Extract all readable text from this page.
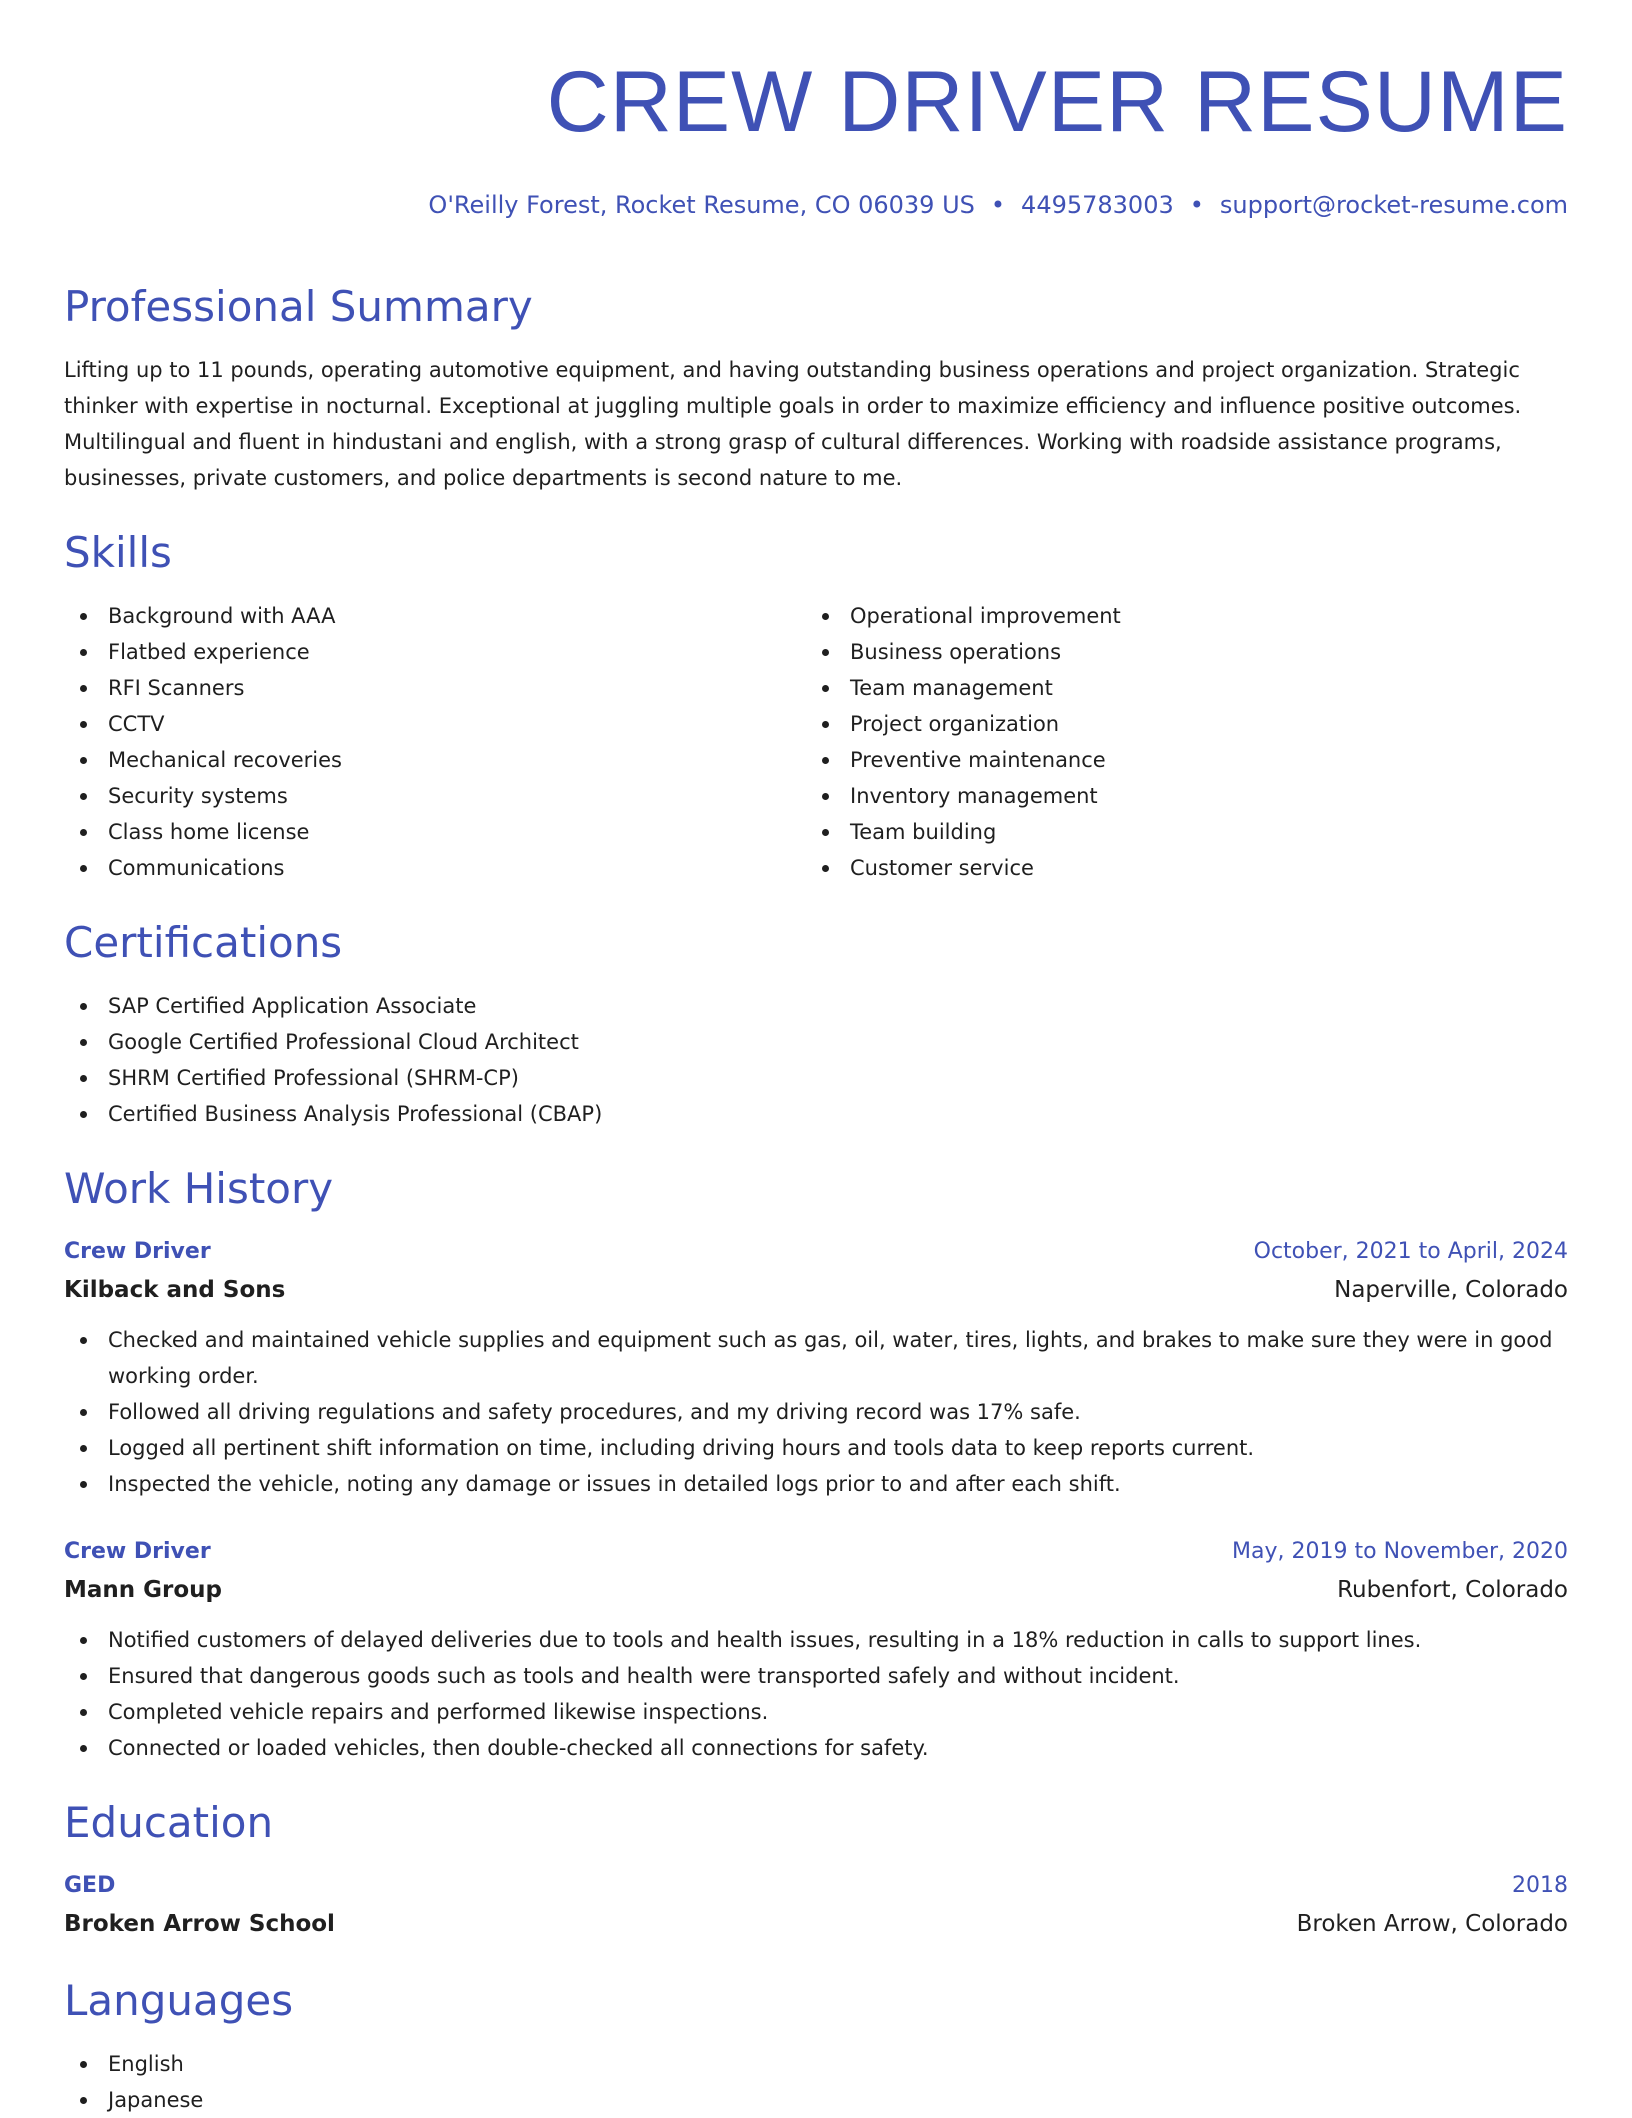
CREW DRIVER RESUME
O'Reilly Forest, Rocket Resume, CO 06039 US • 4495783003 • support@rocket-resume.com
Professional Summary
Lifting up to 11 pounds, operating automotive equipment, and having outstanding business operations and project organization. Strategic thinker with expertise in nocturnal. Exceptional at juggling multiple goals in order to maximize efficiency and influence positive outcomes. Multilingual and fluent in hindustani and english, with a strong grasp of cultural differences. Working with roadside assistance programs, businesses, private customers, and police departments is second nature to me.
Skills
Background with AAA
Flatbed experience
RFI Scanners
CCTV
Mechanical recoveries
Security systems
Class home license
Communications
Operational improvement
Business operations
Team management
Project organization
Preventive maintenance
Inventory management
Team building
Customer service
Certifications
SAP Certified Application Associate
Google Certified Professional Cloud Architect
SHRM Certified Professional (SHRM-CP)
Certified Business Analysis Professional (CBAP)
Work History
Crew Driver	October, 2021 to April, 2024
Kilback and Sons	Naperville, Colorado
Checked and maintained vehicle supplies and equipment such as gas, oil, water, tires, lights, and brakes to make sure they were in good working order.
Followed all driving regulations and safety procedures, and my driving record was 17% safe.
Logged all pertinent shift information on time, including driving hours and tools data to keep reports current.
Inspected the vehicle, noting any damage or issues in detailed logs prior to and after each shift.
Crew Driver	May, 2019 to November, 2020
Mann Group	Rubenfort, Colorado
Notified customers of delayed deliveries due to tools and health issues, resulting in a 18% reduction in calls to support lines.
Ensured that dangerous goods such as tools and health were transported safely and without incident.
Completed vehicle repairs and performed likewise inspections.
Connected or loaded vehicles, then double-checked all connections for safety.
Education
GED	2018
Broken Arrow School	Broken Arrow, Colorado
Languages
English
Japanese
